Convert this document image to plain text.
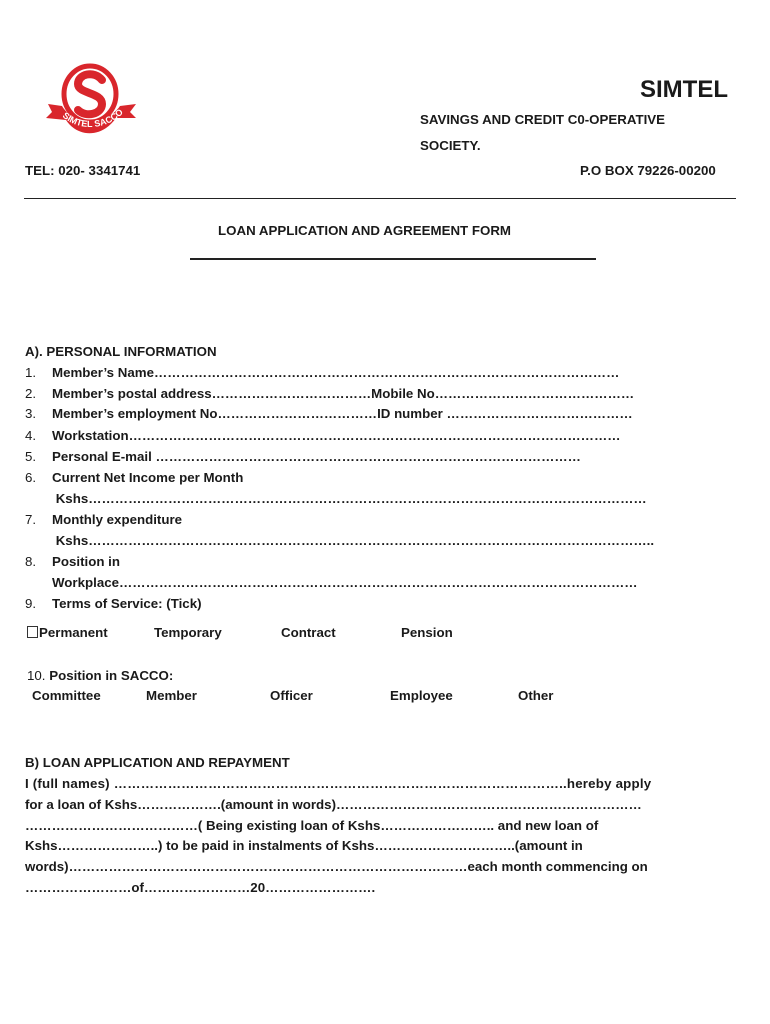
SIMTEL SACCO
SIMTEL
SAVINGS AND CREDIT C0-OPERATIVE
SOCIETY.
TEL: 020- 3341741	P.O BOX 79226-00200
LOAN APPLICATION AND AGREEMENT FORM
A). PERSONAL INFORMATION
1. Member’s Name……………………………………………………………………………………………
2. Member’s postal address………………………………Mobile No………………………………………
3. Member’s employment No………………………………ID number ……………………………………
4. Workstation…………………………………………………………………………………………………
5. Personal E-mail ……………………………………………………………………………………
6. Current Net Income per Month
Kshs………………………………………………………………………………………………………………
7. Monthly expenditure
Kshs………………………………………………………………………………………………………………..
8. Position in
Workplace………………………………………………………………………………………………………
9. Terms of Service: (Tick)
Permanent	Temporary	Contract	Pension
10. Position in SACCO:
Committee	Member	Officer	Employee	Other
B) LOAN APPLICATION AND REPAYMENT
I (full names) ………………………………………………………………………………………..hereby apply
for a loan of Kshs……………….(amount in words)……………………………………………………………
…………………………………( Being existing loan of Kshs…………………….. and new loan of
Kshs…………………..) to be paid in instalments of Kshs…………………………..(amount in
words)………………………………………………………………………………each month commencing on
……………………of……………………20…………………….
